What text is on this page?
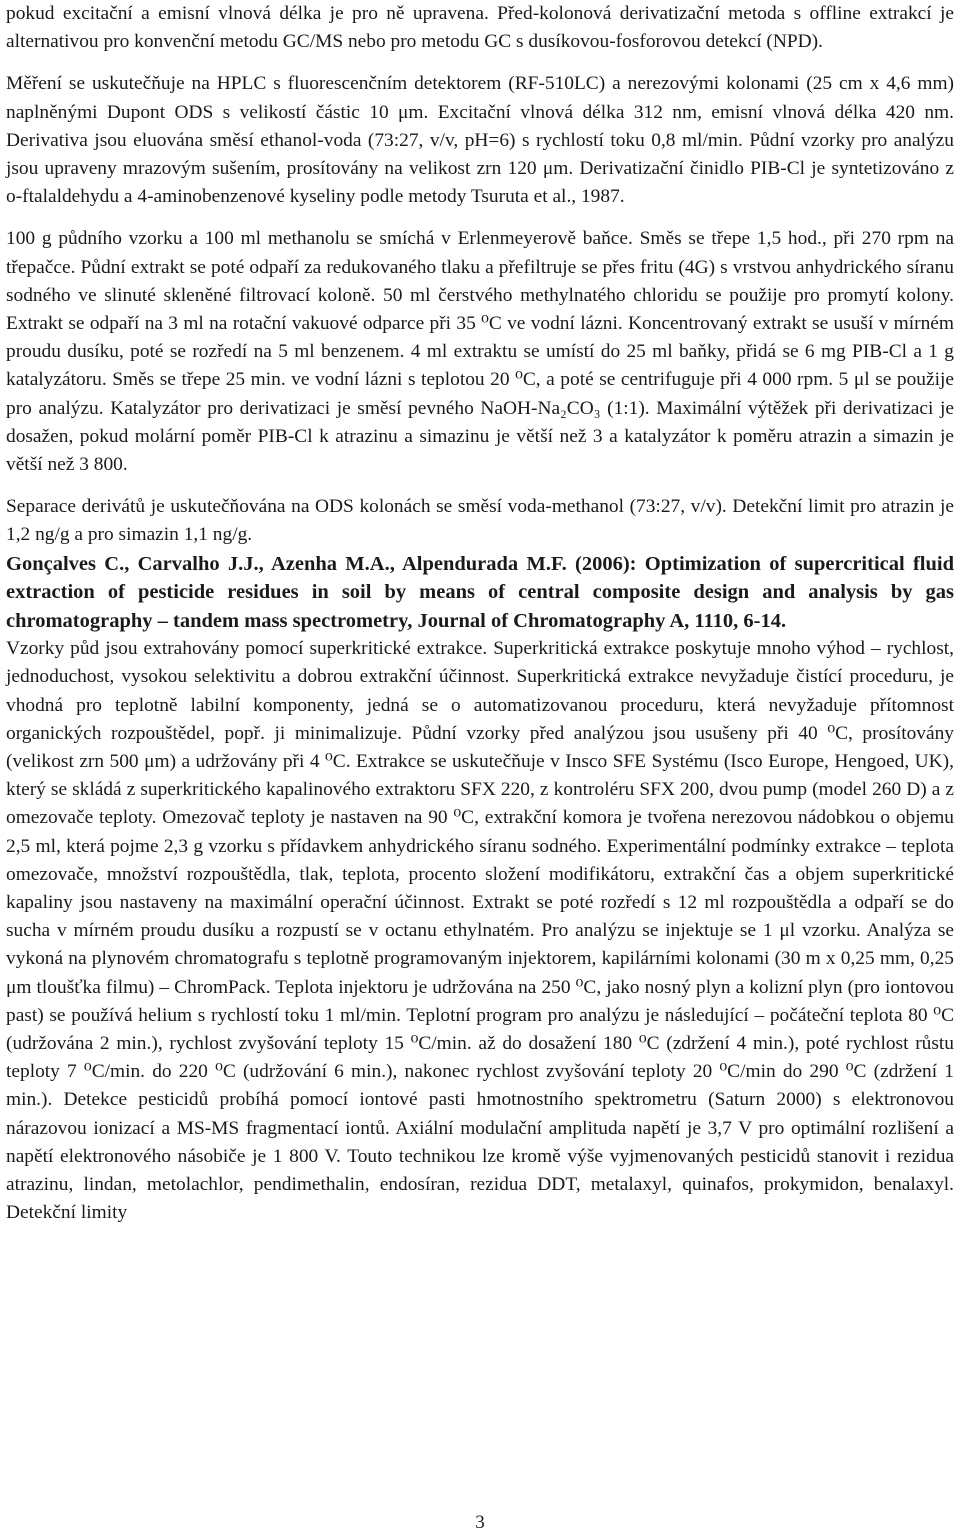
pokud excitační a emisní vlnová délka je pro ně upravena. Před-kolonová derivatizační metoda s offline extrakcí je alternativou pro konvenční metodu GC/MS nebo pro metodu GC s dusíkovou-fosforovou detekcí (NPD).

Měření se uskutečňuje na HPLC s fluorescenčním detektorem (RF-510LC) a nerezovými kolonami (25 cm x 4,6 mm) naplněnými Dupont ODS s velikostí částic 10 μm. Excitační vlnová délka 312 nm, emisní vlnová délka 420 nm. Derivativa jsou eluována směsí ethanol-voda (73:27, v/v, pH=6) s rychlostí toku 0,8 ml/min. Půdní vzorky pro analýzu jsou upraveny mrazovým sušením, prosítovány na velikost zrn 120 μm. Derivatizační činidlo PIB-Cl je syntetizováno z o-ftalaldehydu a 4-aminobenzenové kyseliny podle metody Tsuruta et al., 1987.

100 g půdního vzorku a 100 ml methanolu se smíchá v Erlenmeyerově baňce. Směs se třepe 1,5 hod., při 270 rpm na třepačce. Půdní extrakt se poté odpaří za redukovaného tlaku a přefiltruje se přes fritu (4G) s vrstvou anhydrického síranu sodného ve slinuté skleněné filtrovací koloně. 50 ml čerstvého methylnatého chloridu se použije pro promytí kolony. Extrakt se odpaří na 3 ml na rotační vakuové odparce při 35 ⁰C ve vodní lázni. Koncentrovaný extrakt se usuší v mírném proudu dusíku, poté se rozředí na 5 ml benzenem. 4 ml extraktu se umístí do 25 ml baňky, přidá se 6 mg PIB-Cl a 1 g katalyzátoru. Směs se třepe 25 min. ve vodní lázni s teplotou 20 ⁰C, a poté se centrifuguje při 4 000 rpm. 5 μl se použije pro analýzu. Katalyzátor pro derivatizaci je směsí pevného NaOH-Na₂CO₃ (1:1). Maximální výtěžek při derivatizaci je dosažen, pokud molární poměr PIB-Cl k atrazinu a simazinu je větší než 3 a katalyzátor k poměru atrazin a simazin je větší než 3 800.

Separace derivátů je uskutečňována na ODS kolonách se směsí voda-methanol (73:27, v/v). Detekční limit pro atrazin je 1,2 ng/g a pro simazin 1,1 ng/g.

Gonçalves C., Carvalho J.J., Azenha M.A., Alpendurada M.F. (2006): Optimization of supercritical fluid extraction of pesticide residues in soil by means of central composite design and analysis by gas chromatography – tandem mass spectrometry, Journal of Chromatography A, 1110, 6-14.

Vzorky půd jsou extrahovány pomocí superkritické extrakce. Superkritická extrakce poskytuje mnoho výhod – rychlost, jednoduchost, vysokou selektivitu a dobrou extrakční účinnost. Superkritická extrakce nevyžaduje čistící proceduru, je vhodná pro teplotně labilní komponenty, jedná se o automatizovanou proceduru, která nevyžaduje přítomnost organických rozpouštědel, popř. ji minimalizuje. Půdní vzorky před analýzou jsou usušeny při 40 ⁰C, prosítovány (velikost zrn 500 μm) a udržovány při 4 ⁰C. Extrakce se uskutečňuje v Insco SFE Systému (Isco Europe, Hengoed, UK), který se skládá z superkritického kapalinového extraktoru SFX 220, z kontroléru SFX 200, dvou pump (model 260 D) a z omezovače teploty. Omezovač teploty je nastaven na 90 ⁰C, extrakční komora je tvořena nerezovou nádobkou o objemu 2,5 ml, která pojme 2,3 g vzorku s přídavkem anhydrického síranu sodného. Experimentální podmínky extrakce – teplota omezovače, množství rozpouštědla, tlak, teplota, procento složení modifikátoru, extrakční čas a objem superkritické kapaliny jsou nastaveny na maximální operační účinnost. Extrakt se poté rozředí s 12 ml rozpouštědla a odpaří se do sucha v mírném proudu dusíku a rozpustí se v octanu ethylnatém. Pro analýzu se injektuje se 1 μl vzorku. Analýza se vykoná na plynovém chromatografu s teplotně programovaným injektorem, kapilárními kolonami (30 m x 0,25 mm, 0,25 μm tloušťka filmu) – ChromPack. Teplota injektoru je udržována na 250 ⁰C, jako nosný plyn a kolizní plyn (pro iontovou past) se používá helium s rychlostí toku 1 ml/min. Teplotní program pro analýzu je následující – počáteční teplota 80 ⁰C (udržována 2 min.), rychlost zvyšování teploty 15 ⁰C/min. až do dosažení 180 ⁰C (zdržení 4 min.), poté rychlost růstu teploty 7 ⁰C/min. do 220 ⁰C (udržování 6 min.), nakonec rychlost zvyšování teploty 20 ⁰C/min do 290 ⁰C (zdržení 1 min.). Detekce pesticidů probíhá pomocí iontové pasti hmotnostního spektrometru (Saturn 2000) s elektronovou nárazovou ionizací a MS-MS fragmentací iontů. Axiální modulační amplituda napětí je 3,7 V pro optimální rozlišení a napětí elektronového násobiče je 1 800 V. Touto technikou lze kromě výše vyjmenovaných pesticidů stanovit i rezidua atrazinu, lindan, metolachlor, pendimethalin, endosíran, rezidua DDT, metalaxyl, quinafos, prokymidon, benalaxyl. Detekční limity

3
